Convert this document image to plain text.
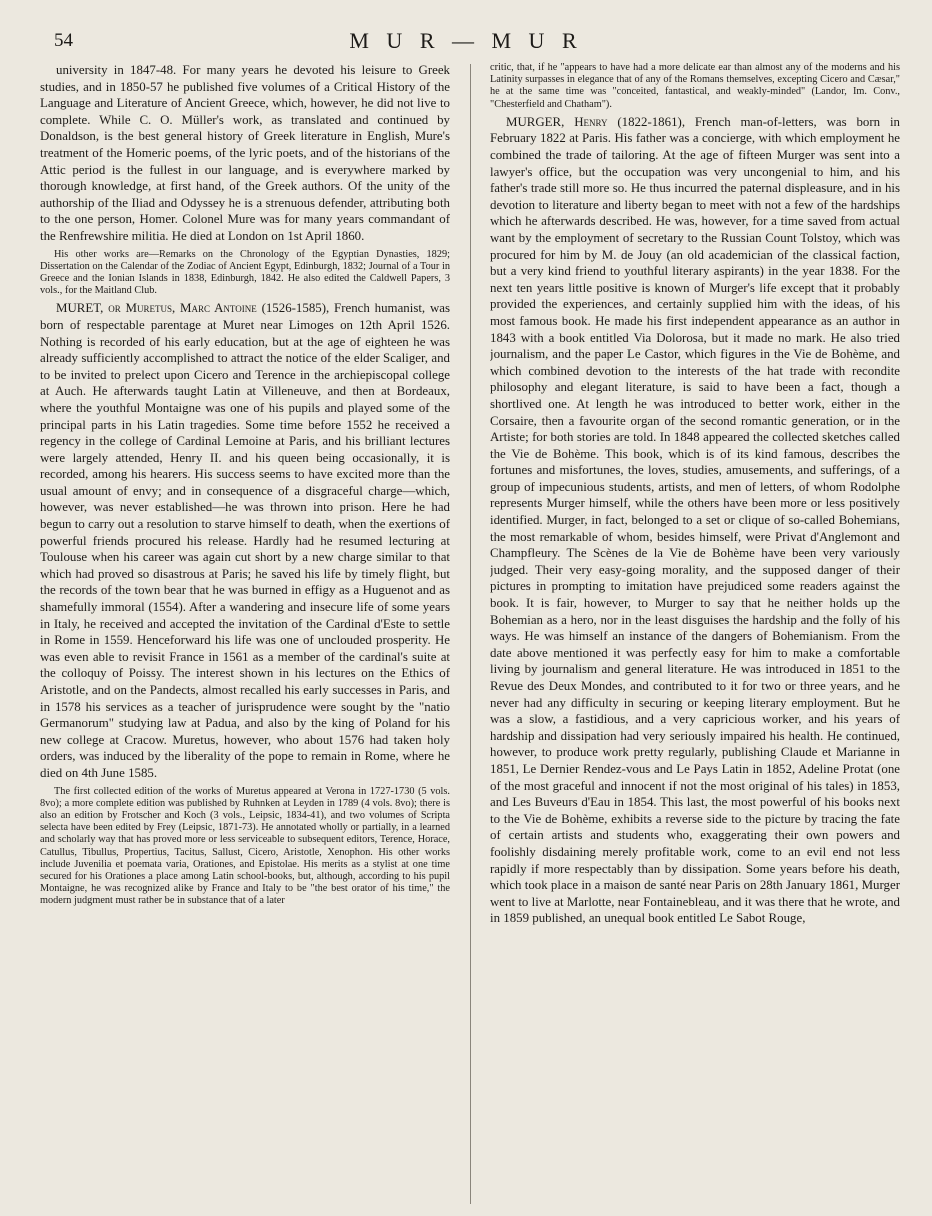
54	M U R — M U R

university in 1847-48. For many years he devoted his leisure to Greek studies, and in 1850-57 he published five volumes of a Critical History of the Language and Literature of Ancient Greece, which, however, he did not live to complete. While C. O. Müller's work, as translated and continued by Donaldson, is the best general history of Greek literature in English, Mure's treatment of the Homeric poems, of the lyric poets, and of the historians of the Attic period is the fullest in our language, and is everywhere marked by thorough knowledge, at first hand, of the Greek authors. Of the unity of the authorship of the Iliad and Odyssey he is a strenuous defender, attributing both to the one person, Homer. Colonel Mure was for many years commandant of the Renfrewshire militia. He died at London on 1st April 1860.

His other works are—Remarks on the Chronology of the Egyptian Dynasties, 1829; Dissertation on the Calendar of the Zodiac of Ancient Egypt, Edinburgh, 1832; Journal of a Tour in Greece and the Ionian Islands in 1838, Edinburgh, 1842. He also edited the Caldwell Papers, 3 vols., for the Maitland Club.

MURET, or Muretus, Marc Antoine (1526-1585), French humanist, was born of respectable parentage at Muret near Limoges on 12th April 1526. Nothing is recorded of his early education, but at the age of eighteen he was already sufficiently accomplished to attract the notice of the elder Scaliger, and to be invited to prelect upon Cicero and Terence in the archiepiscopal college at Auch. He afterwards taught Latin at Villeneuve, and then at Bordeaux, where the youthful Montaigne was one of his pupils and played some of the principal parts in his Latin tragedies. Some time before 1552 he received a regency in the college of Cardinal Lemoine at Paris, and his brilliant lectures were largely attended, Henry II. and his queen being occasionally, it is recorded, among his hearers. His success seems to have excited more than the usual amount of envy; and in consequence of a disgraceful charge—which, however, was never established—he was thrown into prison. Here he had begun to carry out a resolution to starve himself to death, when the exertions of powerful friends procured his release. Hardly had he resumed lecturing at Toulouse when his career was again cut short by a new charge similar to that which had proved so disastrous at Paris; he saved his life by timely flight, but the records of the town bear that he was burned in effigy as a Huguenot and as shamefully immoral (1554). After a wandering and insecure life of some years in Italy, he received and accepted the invitation of the Cardinal d'Este to settle in Rome in 1559. Henceforward his life was one of unclouded prosperity. He was even able to revisit France in 1561 as a member of the cardinal's suite at the colloquy of Poissy. The interest shown in his lectures on the Ethics of Aristotle, and on the Pandects, almost recalled his early successes in Paris, and in 1578 his services as a teacher of jurisprudence were sought by the "natio Germanorum" studying law at Padua, and also by the king of Poland for his new college at Cracow. Muretus, however, who about 1576 had taken holy orders, was induced by the liberality of the pope to remain in Rome, where he died on 4th June 1585.

The first collected edition of the works of Muretus appeared at Verona in 1727-1730 (5 vols. 8vo); a more complete edition was published by Ruhnken at Leyden in 1789 (4 vols. 8vo); there is also an edition by Frotscher and Koch (3 vols., Leipsic, 1834-41), and two volumes of Scripta selecta have been edited by Frey (Leipsic, 1871-73). He annotated wholly or partially, in a learned and scholarly way that has proved more or less serviceable to subsequent editors, Terence, Horace, Catullus, Tibullus, Propertius, Tacitus, Sallust, Cicero, Aristotle, Xenophon. His other works include Juvenilia et poemata varia, Orationes, and Epistolae. His merits as a stylist at one time secured for his Orationes a place among Latin school-books, but, although, according to his pupil Montaigne, he was recognized alike by France and Italy to be "the best orator of his time," the modern judgment must rather be in substance that of a later

critic, that, if he "appears to have had a more delicate ear than almost any of the moderns and his Latinity surpasses in elegance that of any of the Romans themselves, excepting Cicero and Cæsar," he at the same time was "conceited, fantastical, and weakly-minded" (Landor, Im. Conv., "Chesterfield and Chatham").

MURGER, Henry (1822-1861), French man-of-letters, was born in February 1822 at Paris. His father was a concierge, with which employment he combined the trade of tailoring. At the age of fifteen Murger was sent into a lawyer's office, but the occupation was very uncongenial to him, and his father's trade still more so. He thus incurred the paternal displeasure, and in his devotion to literature and liberty began to meet with not a few of the hardships which he afterwards described. He was, however, for a time saved from actual want by the employment of secretary to the Russian Count Tolstoy, which was procured for him by M. de Jouy (an old academician of the classical faction, but a very kind friend to youthful literary aspirants) in the year 1838. For the next ten years little positive is known of Murger's life except that it probably provided the experiences, and certainly supplied him with the ideas, of his most famous book. He made his first independent appearance as an author in 1843 with a book entitled Via Dolorosa, but it made no mark. He also tried journalism, and the paper Le Castor, which figures in the Vie de Bohème, and which combined devotion to the interests of the hat trade with recondite philosophy and elegant literature, is said to have been a fact, though a shortlived one. At length he was introduced to better work, either in the Corsaire, then a favourite organ of the second romantic generation, or in the Artiste; for both stories are told. In 1848 appeared the collected sketches called the Vie de Bohème. This book, which is of its kind famous, describes the fortunes and misfortunes, the loves, studies, amusements, and sufferings, of a group of impecunious students, artists, and men of letters, of whom Rodolphe represents Murger himself, while the others have been more or less positively identified. Murger, in fact, belonged to a set or clique of so-called Bohemians, the most remarkable of whom, besides himself, were Privat d'Anglemont and Champfleury. The Scènes de la Vie de Bohème have been very variously judged. Their very easy-going morality, and the supposed danger of their pictures in prompting to imitation have prejudiced some readers against the book. It is fair, however, to Murger to say that he neither holds up the Bohemian as a hero, nor in the least disguises the hardship and the folly of his ways. He was himself an instance of the dangers of Bohemianism. From the date above mentioned it was perfectly easy for him to make a comfortable living by journalism and general literature. He was introduced in 1851 to the Revue des Deux Mondes, and contributed to it for two or three years, and he never had any difficulty in securing or keeping literary employment. But he was a slow, a fastidious, and a very capricious worker, and his years of hardship and dissipation had very seriously impaired his health. He continued, however, to produce work pretty regularly, publishing Claude et Marianne in 1851, Le Dernier Rendez-vous and Le Pays Latin in 1852, Adeline Protat (one of the most graceful and innocent if not the most original of his tales) in 1853, and Les Buveurs d'Eau in 1854. This last, the most powerful of his books next to the Vie de Bohème, exhibits a reverse side to the picture by tracing the fate of certain artists and students who, exaggerating their own powers and foolishly disdaining merely profitable work, come to an evil end not less rapidly if more respectably than by dissipation. Some years before his death, which took place in a maison de santé near Paris on 28th January 1861, Murger went to live at Marlotte, near Fontainebleau, and it was there that he wrote, and in 1859 published, an unequal book entitled Le Sabot Rouge,
